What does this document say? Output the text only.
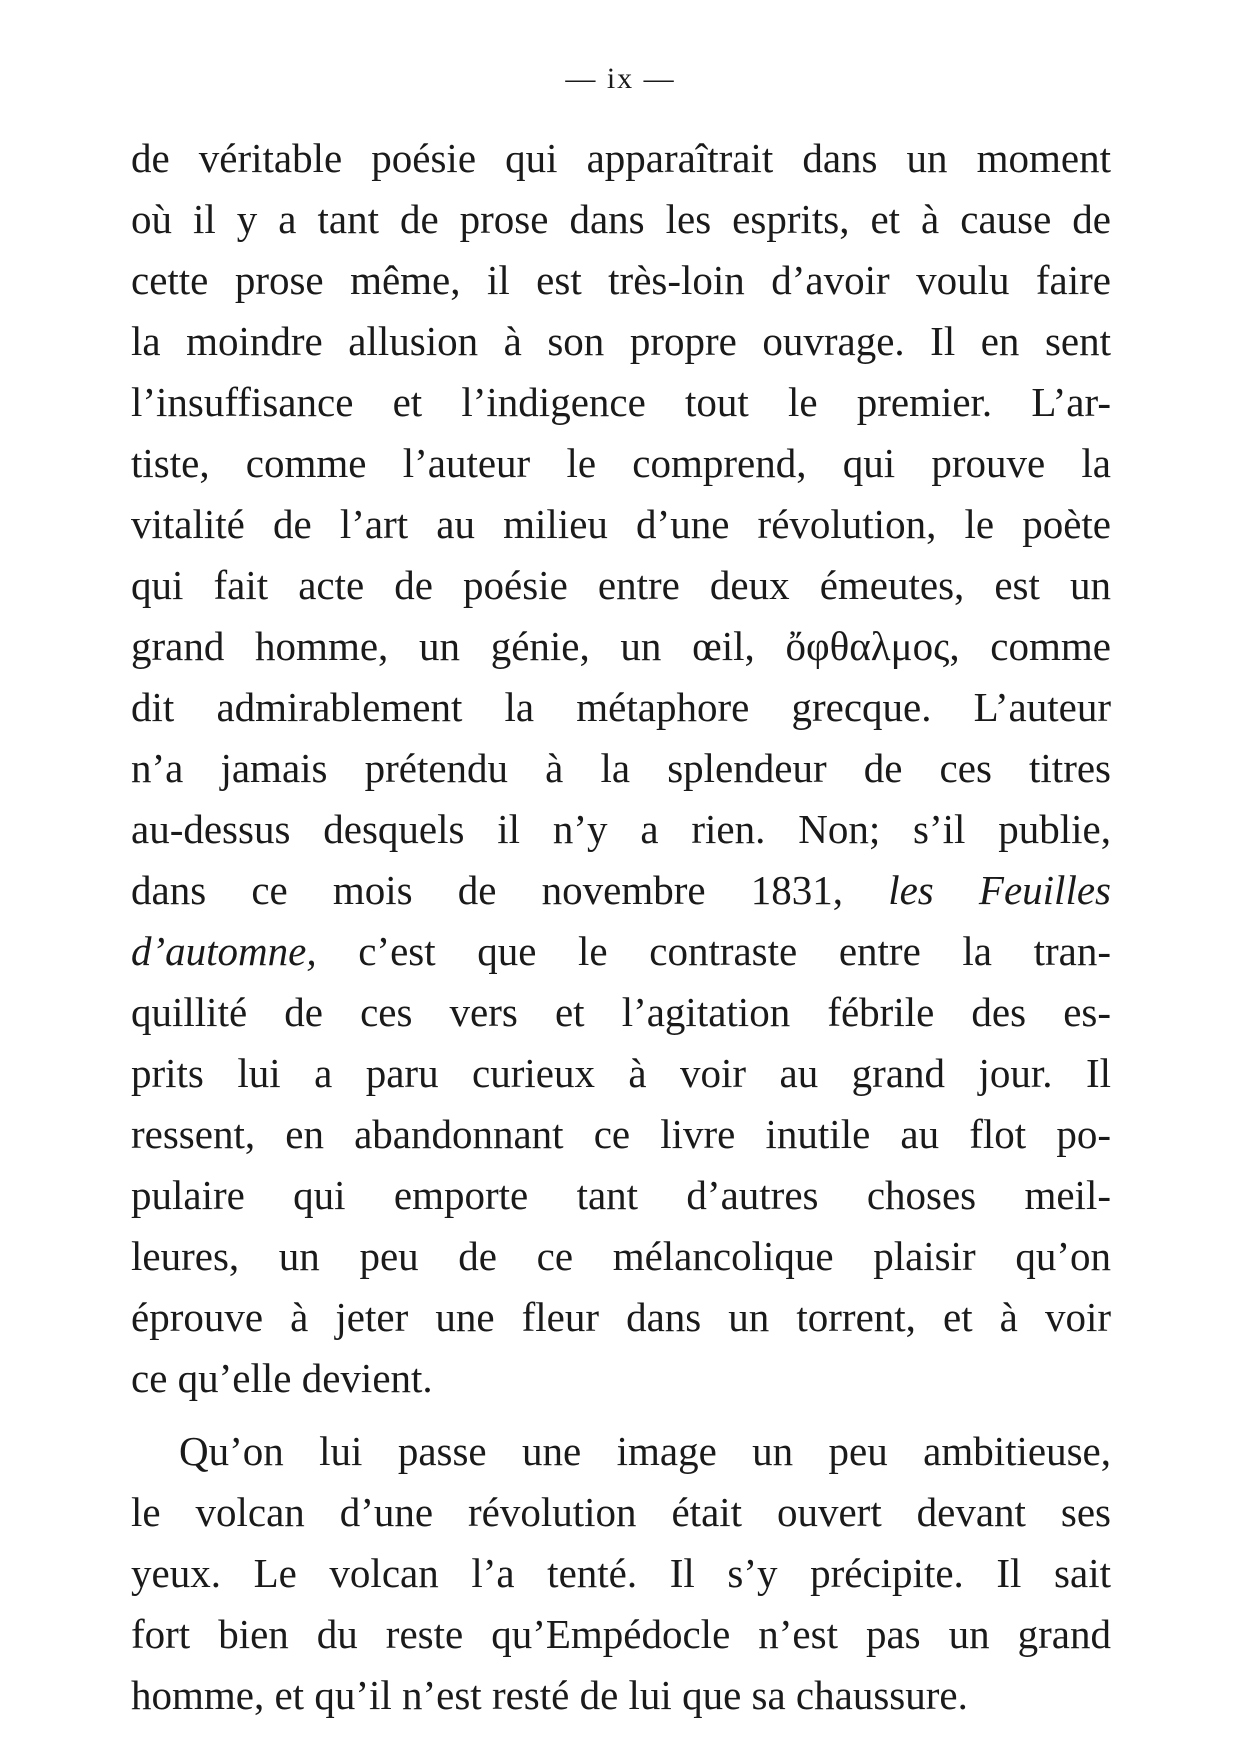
— ix —
de véritable poésie qui apparaîtrait dans un moment
où il y a tant de prose dans les esprits, et à cause de
cette prose même, il est très-loin d’avoir voulu faire
la moindre allusion à son propre ouvrage. Il en sent
l’insuffisance et l’indigence tout le premier. L’ar-
tiste, comme l’auteur le comprend, qui prouve la
vitalité de l’art au milieu d’une révolution, le poète
qui fait acte de poésie entre deux émeutes, est un
grand homme, un génie, un œil, ὄφθαλμος, comme
dit admirablement la métaphore grecque. L’auteur
n’a jamais prétendu à la splendeur de ces titres
au-dessus desquels il n’y a rien. Non; s’il publie,
dans ce mois de novembre 1831, les Feuilles
d’automne, c’est que le contraste entre la tran-
quillité de ces vers et l’agitation fébrile des es-
prits lui a paru curieux à voir au grand jour. Il
ressent, en abandonnant ce livre inutile au flot po-
pulaire qui emporte tant d’autres choses meil-
leures, un peu de ce mélancolique plaisir qu’on
éprouve à jeter une fleur dans un torrent, et à voir
ce qu’elle devient.
Qu’on lui passe une image un peu ambitieuse,
le volcan d’une révolution était ouvert devant ses
yeux. Le volcan l’a tenté. Il s’y précipite. Il sait
fort bien du reste qu’Empédocle n’est pas un grand
homme, et qu’il n’est resté de lui que sa chaussure.
